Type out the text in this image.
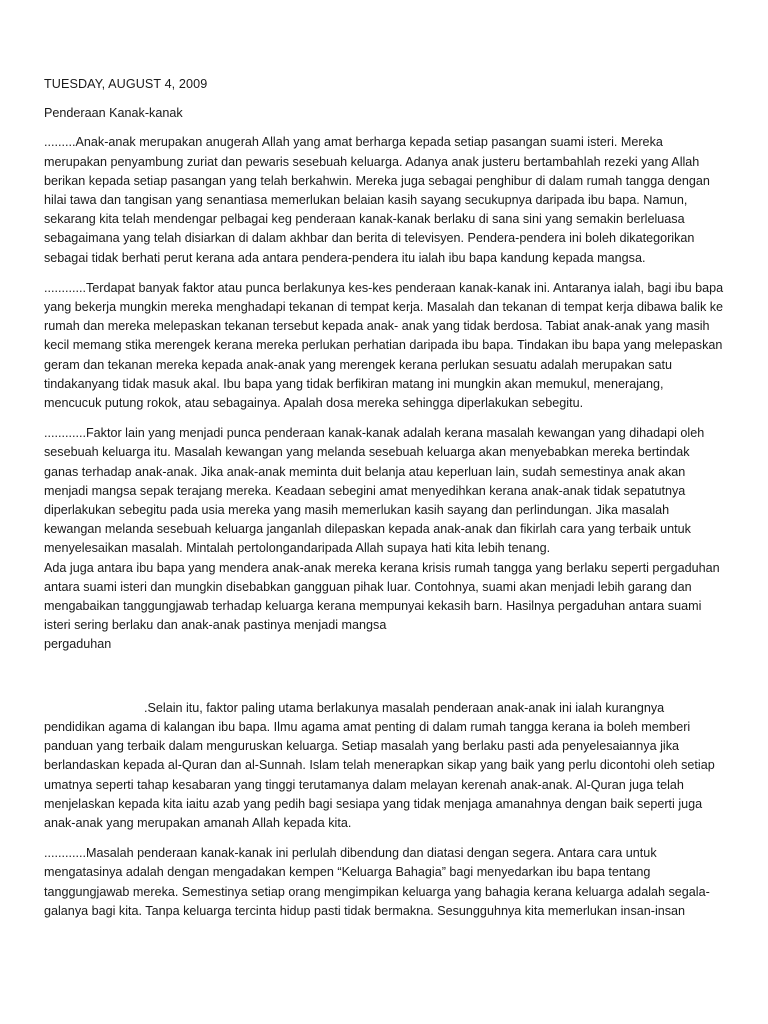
TUESDAY, AUGUST 4, 2009
Penderaan Kanak-kanak

.........Anak-anak merupakan anugerah Allah yang amat berharga kepada setiap pasangan suami isteri. Mereka merupakan penyambung zuriat dan pewaris sesebuah keluarga. Adanya anak justeru bertambahlah rezeki yang Allah berikan kepada setiap pasangan yang telah berkahwin. Mereka juga sebagai penghibur di dalam rumah tangga dengan hilai tawa dan tangisan yang senantiasa memerlukan belaian kasih sayang secukupnya daripada ibu bapa. Namun, sekarang kita telah mendengar pelbagai keg penderaan kanak-kanak berlaku di sana sini yang semakin berleluasa sebagaimana yang telah disiarkan di dalam akhbar dan berita di televisyen. Pendera-pendera ini boleh dikategorikan sebagai tidak berhati perut kerana ada antara pendera-pendera itu ialah ibu bapa kandung kepada mangsa.

............Terdapat banyak faktor atau punca berlakunya kes-kes penderaan kanak-kanak ini. Antaranya ialah, bagi ibu bapa yang bekerja mungkin mereka menghadapi tekanan di tempat kerja. Masalah dan tekanan di tempat kerja dibawa balik ke rumah dan mereka melepaskan tekanan tersebut kepada anak- anak yang tidak berdosa. Tabiat anak-anak yang masih kecil memang stika merengek kerana mereka perlukan perhatian daripada ibu bapa. Tindakan ibu bapa yang melepaskan geram dan tekanan mereka kepada anak-anak yang merengek kerana perlukan sesuatu adalah merupakan satu tindakanyang tidak masuk akal. Ibu bapa yang tidak berfikiran matang ini mungkin akan memukul, menerajang, mencucuk putung rokok, atau sebagainya. Apalah dosa mereka sehingga diperlakukan sebegitu.

............Faktor lain yang menjadi punca penderaan kanak-kanak adalah kerana masalah kewangan yang dihadapi oleh sesebuah keluarga itu. Masalah kewangan yang melanda sesebuah keluarga akan menyebabkan mereka bertindak ganas terhadap anak-anak. Jika anak-anak meminta duit belanja atau keperluan lain, sudah semestinya anak akan menjadi mangsa sepak terajang mereka. Keadaan sebegini amat menyedihkan kerana anak-anak tidak sepatutnya diperlakukan sebegitu pada usia mereka yang masih memerlukan kasih sayang dan perlindungan. Jika masalah kewangan melanda sesebuah keluarga janganlah dilepaskan kepada anak-anak dan fikirlah cara yang terbaik untuk menyelesaikan masalah. Mintalah pertolongandaripada Allah supaya hati kita lebih tenang.

Ada juga antara ibu bapa yang mendera anak-anak mereka kerana krisis rumah tangga yang berlaku seperti pergaduhan antara suami isteri dan mungkin disebabkan gangguan pihak luar. Contohnya, suami akan menjadi lebih garang dan mengabaikan tanggungjawab terhadap keluarga kerana mempunyai kekasih barn. Hasilnya pergaduhan antara suami isteri sering berlaku dan anak-anak pastinya menjadi mangsa

pergaduhan

.Selain itu, faktor paling utama berlakunya masalah penderaan anak-anak ini ialah kurangnya

pendidikan agama di kalangan ibu bapa. Ilmu agama amat penting di dalam rumah tangga kerana ia boleh memberi panduan yang terbaik dalam menguruskan keluarga. Setiap masalah yang berlaku pasti ada penyelesaiannya jika berlandaskan kepada al-Quran dan al-Sunnah. Islam telah menerapkan sikap yang baik yang perlu dicontohi oleh setiap umatnya seperti tahap kesabaran yang tinggi terutamanya dalam melayan kerenah anak-anak. Al-Quran juga telah menjelaskan kepada kita iaitu azab yang pedih bagi sesiapa yang tidak menjaga amanahnya dengan baik seperti juga anak-anak yang merupakan amanah Allah kepada kita.

............Masalah penderaan kanak-kanak ini perlulah dibendung dan diatasi dengan segera. Antara cara untuk mengatasinya adalah dengan mengadakan kempen “Keluarga Bahagia” bagi menyedarkan ibu bapa tentang tanggungjawab mereka. Semestinya setiap orang mengimpikan keluarga yang bahagia kerana keluarga adalah segala-galanya bagi kita. Tanpa keluarga tercinta hidup pasti tidak bermakna. Sesungguhnya kita memerlukan insan-insan
